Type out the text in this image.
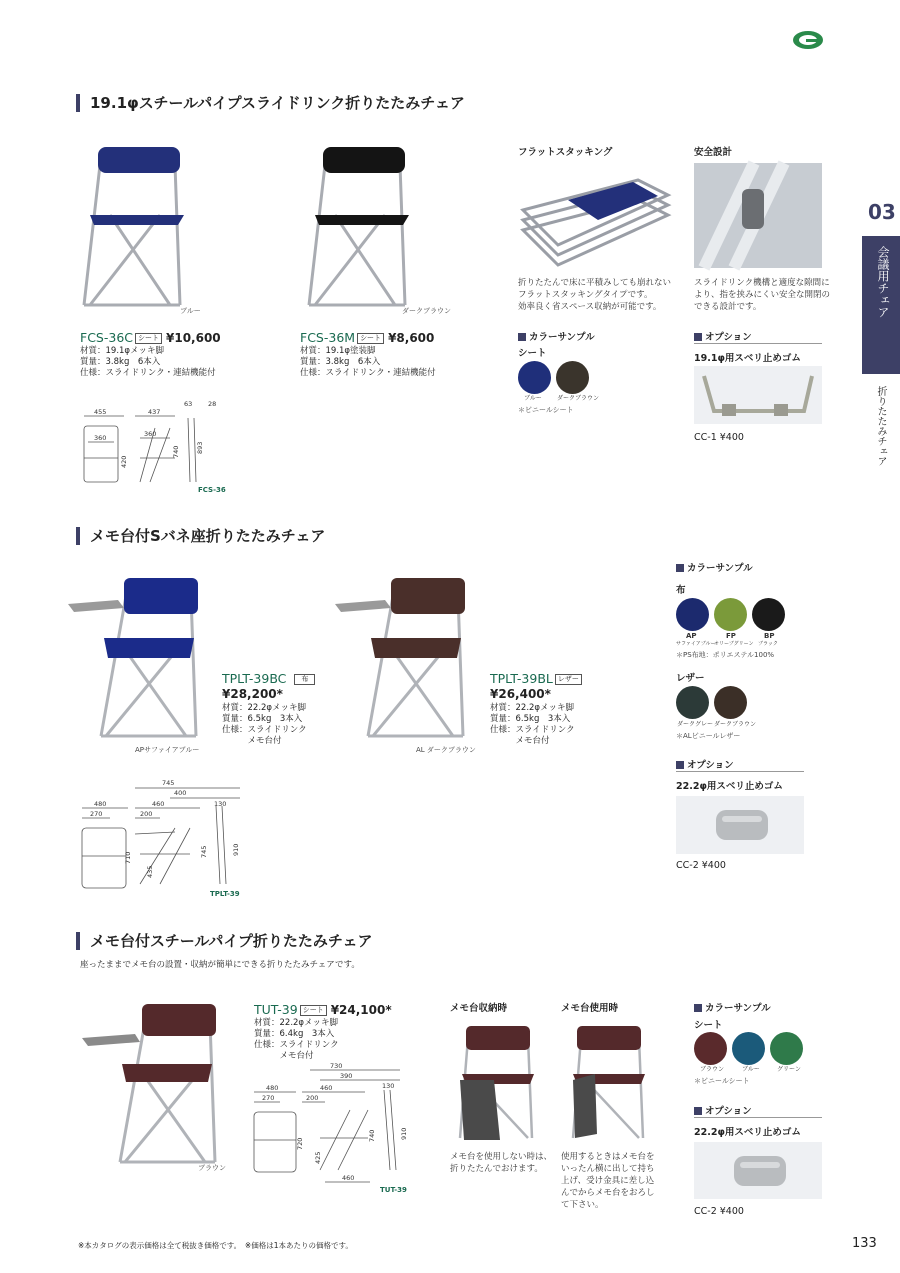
03
会議用チェア
折りたたみチェア
19.1φスチールパイプスライドリンク折りたたみチェア
ブルー	ダークブラウン
FCS-36C シート ¥10,600
材質：19.1φメッキ脚
質量：3.8kg　6本入
仕様：スライドリンク・連結機能付
FCS-36M シート ¥8,600
材質：19.1φ塗装脚
質量：3.8kg　6本入
仕様：スライドリンク・連結機能付
455	437
63 28
360	360
420
740 893
FCS-36
フラットスタッキング
折りたたんで床に平積みしても崩れない
フラットスタッキングタイプです。
効率良く省スペース収納が可能です。
安全設計
スライドリンク機構と適度な隙間に
より、指を挟みにくい安全な開閉の
できる設計です。
カラーサンプル
シート
ブルー	ダークブラウン
＊ビニールシート
オプション
19.1φ用スベリ止めゴム
CC-1 ¥400
メモ台付Sバネ座折りたたみチェア
APサファイアブルー	AL ダークブラウン
TPLT-39BC 布
¥28,200*
材質：22.2φメッキ脚
質量：6.5kg　3本入
仕様：スライドリンク
　　　メモ台付
TPLT-39BL レザー
¥26,400*
材質：22.2φメッキ脚
質量：6.5kg　3本入
仕様：スライドリンク
　　　メモ台付
745
400
480
270
460
200
130
710
435
745	910
TPLT-39
カラーサンプル
布
AP	FP	BP
サファイアブルー
オリーブグリーン ブラック
＊PS布地：ポリエステル100%
レザー
ダークグレー ダークブラウン
＊ALビニールレザー
オプション
22.2φ用スベリ止めゴム
CC-2 ¥400
メモ台付スチールパイプ折りたたみチェア
座ったままでメモ台の設置・収納が簡単にできる折りたたみチェアです。
ブラウン
TUT-39 シート ¥24,100*
材質：22.2φメッキ脚
質量：6.4kg　3本入
仕様：スライドリンク
　　　メモ台付
730
390
480
270
460
200
130
720
425
740	910
460
TUT-39
メモ台収納時
メモ台を使用しない時は、
折りたたんでおけます。
メモ台使用時
使用するときはメモ台を
いったん横に出して持ち
上げ、受け金具に差し込
んでからメモ台をおろし
て下さい。
カラーサンプル
シート
ブラウン	ブルー	グリーン
＊ビニールシート
オプション
22.2φ用スベリ止めゴム
CC-2 ¥400
※本カタログの表示価格は全て税抜き価格です。　※価格は1本あたりの価格です。	133
